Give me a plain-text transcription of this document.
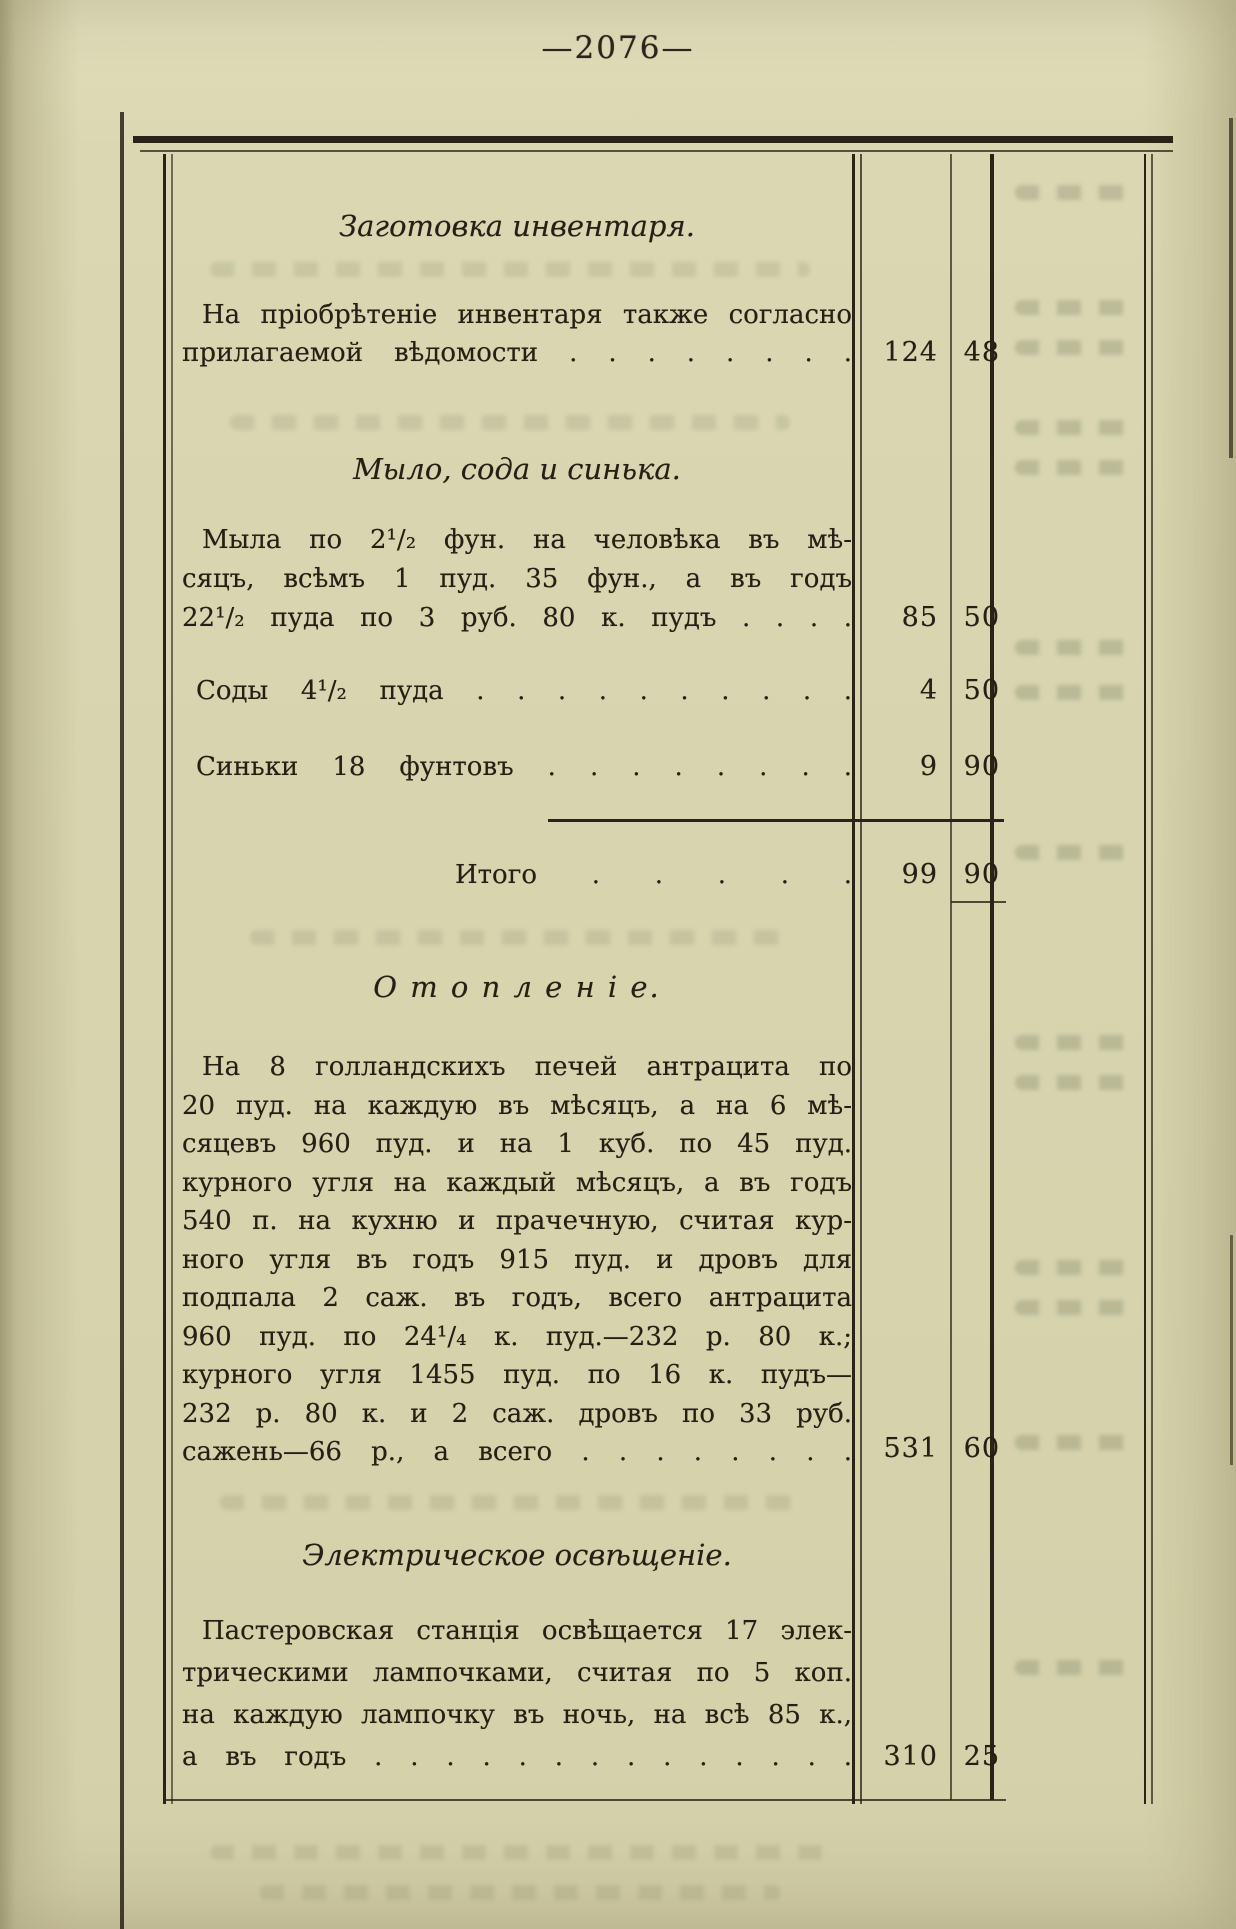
—2076—
Заготовка инвентаря.
На пріобрѣтеніе инвентаря также согласно
прилагаемой вѣдомости . . . . . . . .	124 48
Мыло, сода и синька.
Мыла по 2¹/₂ фун. на человѣка въ мѣ-
сяцъ, всѣмъ 1 пуд. 35 фун., а въ годъ
22¹/₂ пуда по 3 руб. 80 к. пудъ . . . .	85 50
Соды 4¹/₂ пуда . . . . . . . . . .	4 50
Синьки 18 фунтовъ . . . . . . . .	9 90
Итого . . . . .	99 90
О т о п л е н і е.
На 8 голландскихъ печей антрацита по
20 пуд. на каждую въ мѣсяцъ, а на 6 мѣ-
сяцевъ 960 пуд. и на 1 куб. по 45 пуд.
курного угля на каждый мѣсяцъ, а въ годъ
540 п. на кухню и прачечную, считая кур-
ного угля въ годъ 915 пуд. и дровъ для
подпала 2 саж. въ годъ, всего антрацита
960 пуд. по 24¹/₄ к. пуд.—232 р. 80 к.;
курного угля 1455 пуд. по 16 к. пудъ—
232 р. 80 к. и 2 саж. дровъ по 33 руб.
сажень—66 р., а всего . . . . . . . .	531 60
Электрическое освѣщеніе.
Пастеровская станція освѣщается 17 элек-
трическими лампочками, считая по 5 коп.
на каждую лампочку въ ночь, на всѣ 85 к.,
а въ годъ . . . . . . . . . . . . . .	310 25
